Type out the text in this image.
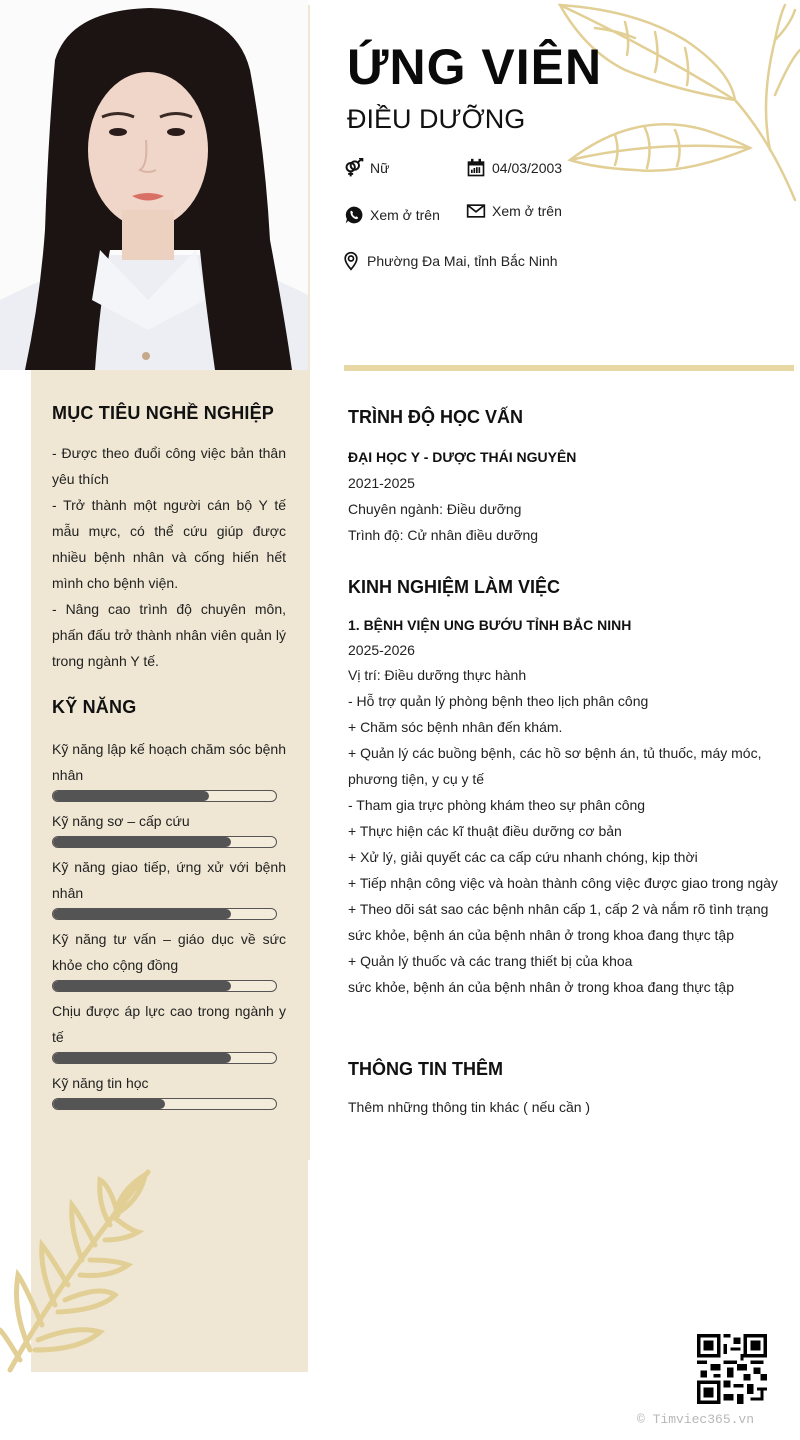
MỤC TIÊU NGHỀ NGHIỆP

- Được theo đuổi công việc bản thân yêu thích

- Trở thành một người cán bộ Y tế mẫu mực, có thể cứu giúp được nhiều bệnh nhân và cống hiến hết mình cho bệnh viện.

- Nâng cao trình độ chuyên môn, phấn đấu trở thành nhân viên quản lý trong ngành Y tế.

KỸ NĂNG
Kỹ năng lập kế hoạch chăm sóc bệnh nhân
Kỹ năng sơ – cấp cứu
Kỹ năng giao tiếp, ứng xử với bệnh nhân
Kỹ năng tư vấn – giáo dục về sức khỏe cho cộng đồng
Chịu được áp lực cao trong ngành y tế
Kỹ năng tin học
ỨNG VIÊN
ĐIỀU DƯỠNG
Nữ	04/03/2003
Xem ở trên	Xem ở trên
Phường Đa Mai, tỉnh Bắc Ninh
TRÌNH ĐỘ HỌC VẤN
ĐẠI HỌC Y - DƯỢC THÁI NGUYÊN
2021-2025
Chuyên ngành: Điều dưỡng
Trình độ: Cử nhân điều dưỡng
KINH NGHIỆM LÀM VIỆC
1. BỆNH VIỆN UNG BƯỚU TỈNH BẮC NINH
2025-2026
Vị trí: Điều dưỡng thực hành
- Hỗ trợ quản lý phòng bệnh theo lịch phân công
+ Chăm sóc bệnh nhân đến khám.
+ Quản lý các buồng bệnh, các hồ sơ bệnh án, tủ thuốc, máy móc, phương tiện, y cụ y tế
- Tham gia trực phòng khám theo sự phân công
+ Thực hiện các kĩ thuật điều dưỡng cơ bản
+ Xử lý, giải quyết các ca cấp cứu nhanh chóng, kịp thời
+ Tiếp nhận công việc và hoàn thành công việc được giao trong ngày
+ Theo dõi sát sao các bệnh nhân cấp 1, cấp 2 và nắm rõ tình trạng sức khỏe, bệnh án của bệnh nhân ở trong khoa đang thực tập
+ Quản lý thuốc và các trang thiết bị của khoa
sức khỏe, bệnh án của bệnh nhân ở trong khoa đang thực tập
THÔNG TIN THÊM
Thêm những thông tin khác ( nếu cần )
© Timviec365.vn
